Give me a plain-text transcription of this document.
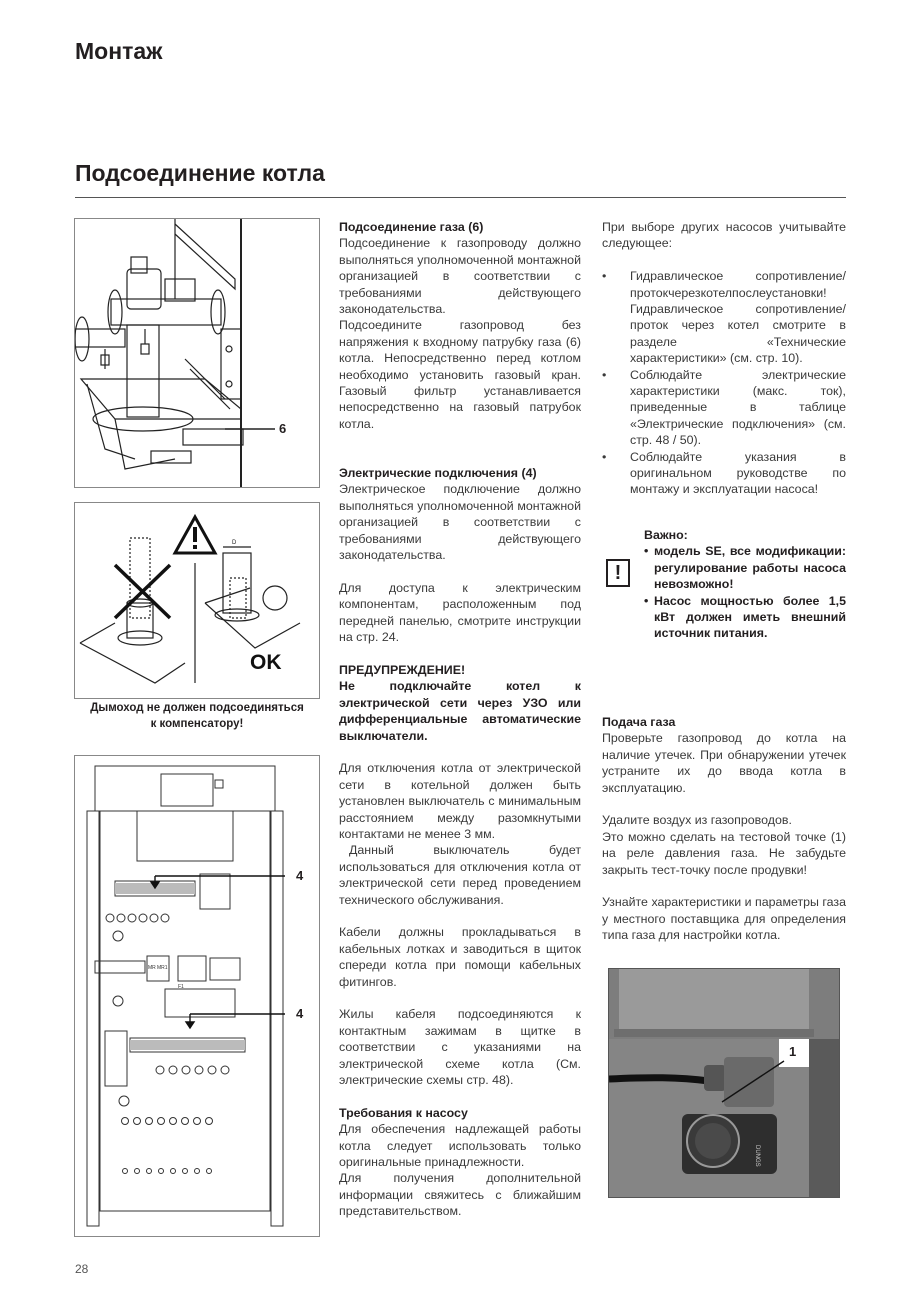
Монтаж
Подсоединение котла
6
D
OK
Дымоход не должен подсоединяться
к компенсатору!
4
4
MR MR1
F1
Подсоединение газа (6)

Подсоединение к газопроводу должно выполняться уполномоченной монтажной организацией в соответствии с требованиями действующего законодательства.

Подсоедините газопровод без напряжения к входному патрубку газа (6) котла. Непосредственно перед котлом необходимо установить газовый кран. Газовый фильтр устанавливается непосредственно на газовый патрубок котла.

Электрические подключения (4)

Электрическое подключение должно выполняться уполномоченной монтажной организацией в соответствии с требованиями действующего законодательства.

Для доступа к электрическим компонентам, расположенным под передней панелью, смотрите инструкции на стр. 24.

ПРЕДУПРЕЖДЕНИЕ!

Не подключайте котел к электрической сети через УЗО или дифференциальные автоматические выключатели.

Для отключения котла от электрической сети в котельной должен быть установлен выключатель с минимальным расстоянием между разомкнутыми контактами не менее 3 мм.

Данный выключатель будет использоваться для отключения котла от электрической сети перед проведением технического обслуживания.

Кабели должны прокладываться в кабельных лотках и заводиться в щиток спереди котла при помощи кабельных фитингов.

Жилы кабеля подсоединяются к контактным зажимам в щитке в соответствии с указаниями на электрической схеме котла (См. электрические схемы стр. 48).

Требования к насосу

Для обеспечения надлежащей работы котла следует использовать только оригинальные принадлежности.

Для получения дополнительной информации свяжитесь с ближайшим представительством.

При выборе других насосов учитывайте следующее:

• Гидравлическое сопротивление/ протокчерезкотелпослеустановки! Гидравлическое сопротивление/ проток через котел смотрите в разделе «Технические характеристики» (см. стр. 10).
• Соблюдайте электрические характеристики (макс. ток), приведенные в таблице «Электрические подключения» (см. стр. 48 / 50).
• Соблюдайте указания в оригинальном руководстве по монтажу и эксплуатации насоса!
!
Важно:
• модель SE, все модификации: регулирование работы насоса невозможно!
• Насос мощностью более 1,5 кВт должен иметь внешний источник питания.
Подача газа

Проверьте газопровод до котла на наличие утечек. При обнаружении утечек устраните их до ввода котла в эксплуатацию.

Удалите воздух из газопроводов.

Это можно сделать на тестовой точке (1) на реле давления газа. Не забудьте закрыть тест-точку после продувки!

Узнайте характеристики и параметры газа у местного поставщика для определения типа газа для настройки котла.

DUNGS
1
28
